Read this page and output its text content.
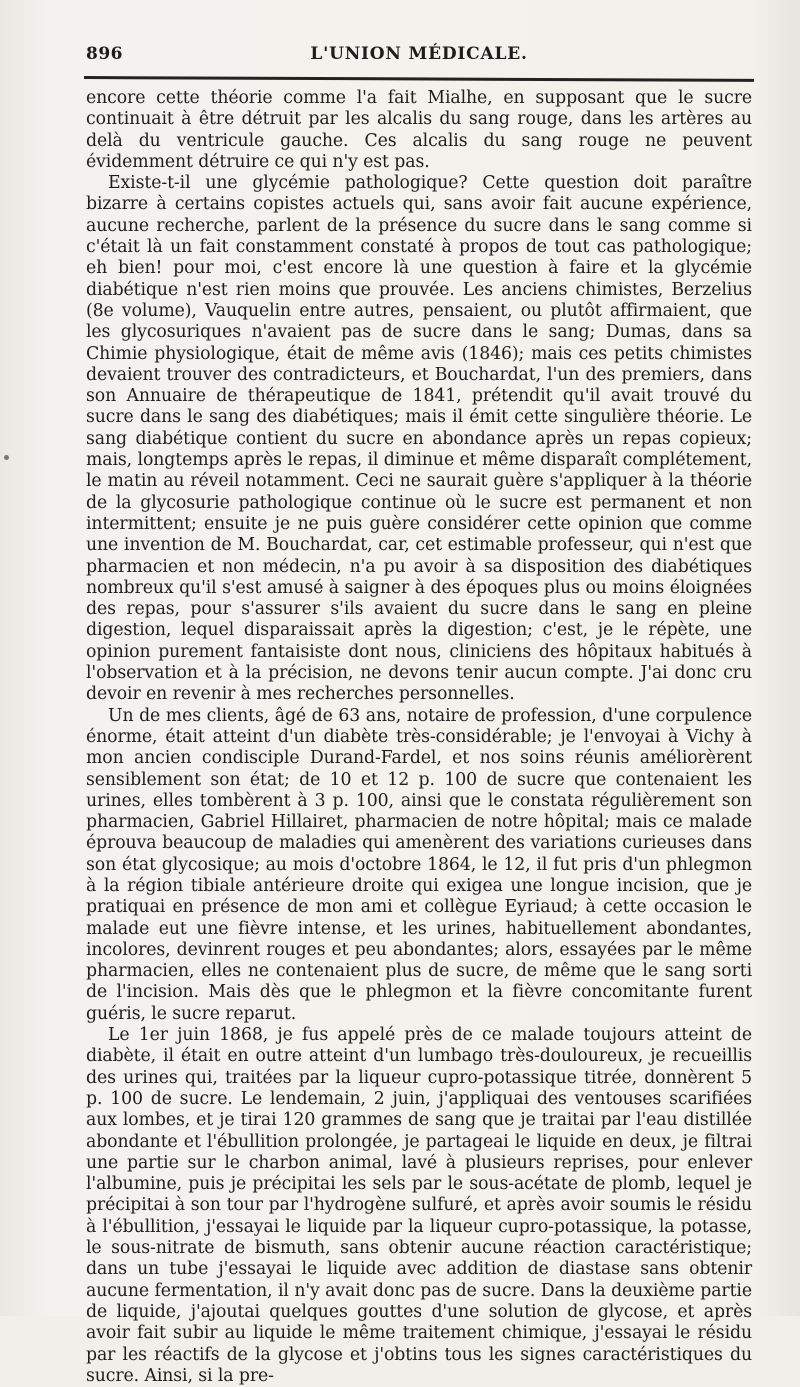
896	L'UNION MÉDICALE.

encore cette théorie comme l'a fait Mialhe, en supposant que le sucre continuait à être détruit par les alcalis du sang rouge, dans les artères au delà du ventricule gauche. Ces alcalis du sang rouge ne peuvent évidemment détruire ce qui n'y est pas.

Existe-t-il une glycémie pathologique? Cette question doit paraître bizarre à certains copistes actuels qui, sans avoir fait aucune expérience, aucune recherche, parlent de la présence du sucre dans le sang comme si c'était là un fait constamment constaté à propos de tout cas pathologique; eh bien! pour moi, c'est encore là une question à faire et la glycémie diabétique n'est rien moins que prouvée. Les anciens chimistes, Berzelius (8e volume), Vauquelin entre autres, pensaient, ou plutôt affirmaient, que les glycosuriques n'avaient pas de sucre dans le sang; Dumas, dans sa Chimie physiologique, était de même avis (1846); mais ces petits chimistes devaient trouver des contradicteurs, et Bouchardat, l'un des premiers, dans son Annuaire de thérapeutique de 1841, prétendit qu'il avait trouvé du sucre dans le sang des diabétiques; mais il émit cette singulière théorie. Le sang diabétique contient du sucre en abondance après un repas copieux; mais, longtemps après le repas, il diminue et même disparaît complétement, le matin au réveil notamment. Ceci ne saurait guère s'appliquer à la théorie de la glycosurie pathologique continue où le sucre est permanent et non intermittent; ensuite je ne puis guère considérer cette opinion que comme une invention de M. Bouchardat, car, cet estimable professeur, qui n'est que pharmacien et non médecin, n'a pu avoir à sa disposition des diabétiques nombreux qu'il s'est amusé à saigner à des époques plus ou moins éloignées des repas, pour s'assurer s'ils avaient du sucre dans le sang en pleine digestion, lequel disparaissait après la digestion; c'est, je le répète, une opinion purement fantaisiste dont nous, cliniciens des hôpitaux habitués à l'observation et à la précision, ne devons tenir aucun compte. J'ai donc cru devoir en revenir à mes recherches personnelles.

Un de mes clients, âgé de 63 ans, notaire de profession, d'une corpulence énorme, était atteint d'un diabète très-considérable; je l'envoyai à Vichy à mon ancien condisciple Durand-Fardel, et nos soins réunis améliorèrent sensiblement son état; de 10 et 12 p. 100 de sucre que contenaient les urines, elles tombèrent à 3 p. 100, ainsi que le constata régulièrement son pharmacien, Gabriel Hillairet, pharmacien de notre hôpital; mais ce malade éprouva beaucoup de maladies qui amenèrent des variations curieuses dans son état glycosique; au mois d'octobre 1864, le 12, il fut pris d'un phlegmon à la région tibiale antérieure droite qui exigea une longue incision, que je pratiquai en présence de mon ami et collègue Eyriaud; à cette occasion le malade eut une fièvre intense, et les urines, habituellement abondantes, incolores, devinrent rouges et peu abondantes; alors, essayées par le même pharmacien, elles ne contenaient plus de sucre, de même que le sang sorti de l'incision. Mais dès que le phlegmon et la fièvre concomitante furent guéris, le sucre reparut.

Le 1er juin 1868, je fus appelé près de ce malade toujours atteint de diabète, il était en outre atteint d'un lumbago très-douloureux, je recueillis des urines qui, traitées par la liqueur cupro-potassique titrée, donnèrent 5 p. 100 de sucre. Le lendemain, 2 juin, j'appliquai des ventouses scarifiées aux lombes, et je tirai 120 grammes de sang que je traitai par l'eau distillée abondante et l'ébullition prolongée, je partageai le liquide en deux, je filtrai une partie sur le charbon animal, lavé à plusieurs reprises, pour enlever l'albumine, puis je précipitai les sels par le sous-acétate de plomb, lequel je précipitai à son tour par l'hydrogène sulfuré, et après avoir soumis le résidu à l'ébullition, j'essayai le liquide par la liqueur cupro-potassique, la potasse, le sous-nitrate de bismuth, sans obtenir aucune réaction caractéristique; dans un tube j'essayai le liquide avec addition de diastase sans obtenir aucune fermentation, il n'y avait donc pas de sucre. Dans la deuxième partie de liquide, j'ajoutai quelques gouttes d'une solution de glycose, et après avoir fait subir au liquide le même traitement chimique, j'essayai le résidu par les réactifs de la glycose et j'obtins tous les signes caractéristiques du sucre. Ainsi, si la pre-
